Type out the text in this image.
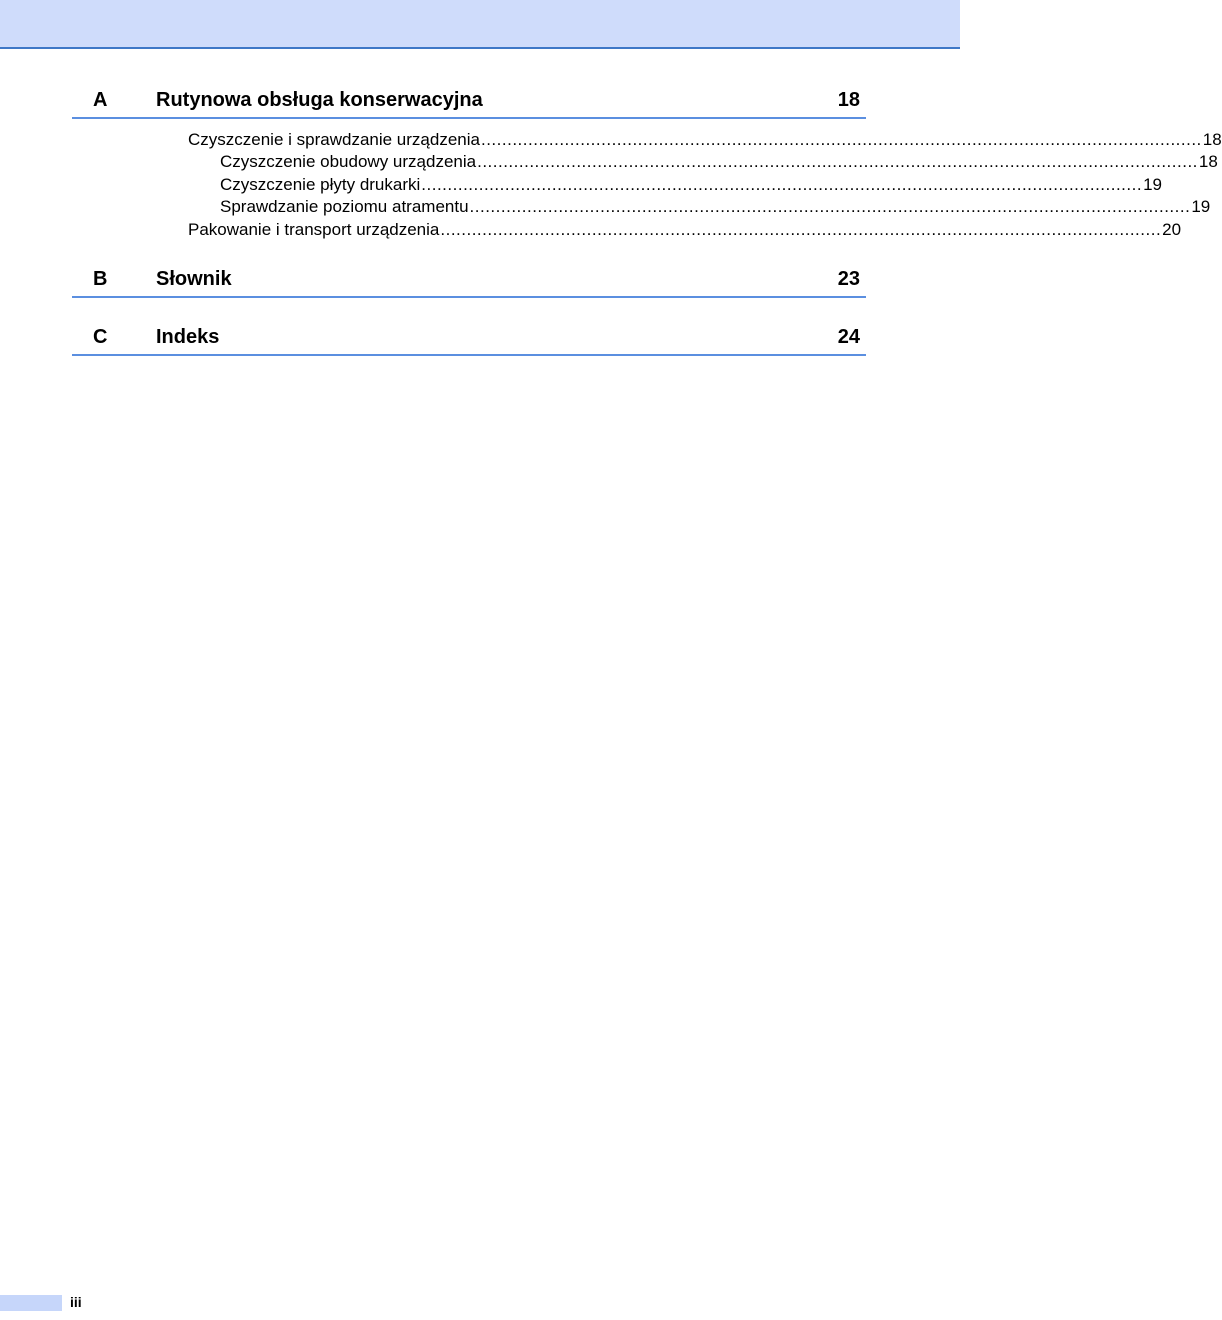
A Rutynowa obsługa konserwacyjna	18
Czyszczenie i sprawdzanie urządzenia .......................................................................................................................................... 18
Czyszczenie obudowy urządzenia .......................................................................................................................................... 18
Czyszczenie płyty drukarki .......................................................................................................................................... 19
Sprawdzanie poziomu atramentu .......................................................................................................................................... 19
Pakowanie i transport urządzenia .......................................................................................................................................... 20
B Słownik	23
C Indeks	24
iii
